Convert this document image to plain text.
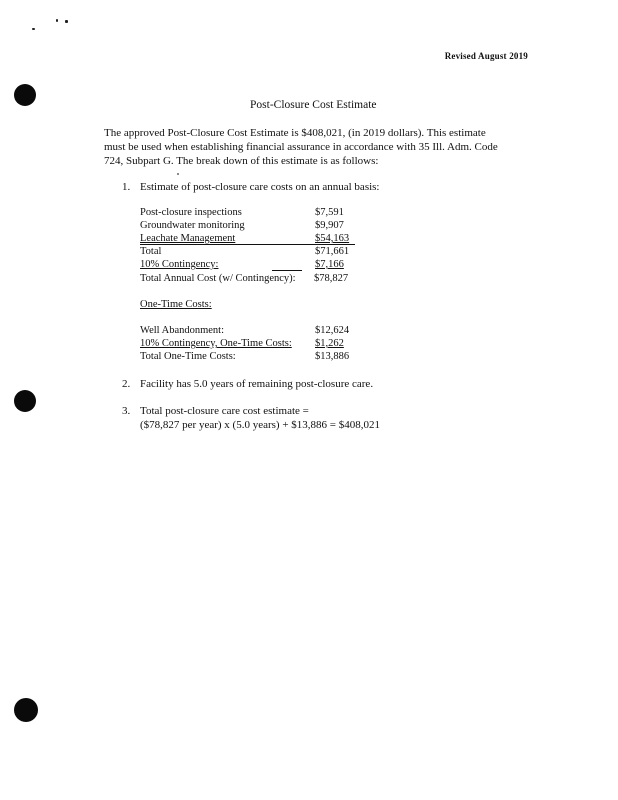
Revised August 2019
Post-Closure Cost Estimate
The approved Post-Closure Cost Estimate is $408,021, (in 2019 dollars). This estimate
must be used when establishing financial assurance in accordance with 35 Ill. Adm. Code
724, Subpart G. The break down of this estimate is as follows:
1. Estimate of post-closure care costs on an annual basis:
Post-closure inspections	$7,591
Groundwater monitoring	$9,907
Leachate Management	$54,163
Total	$71,661
10% Contingency:	$7,166
Total Annual Cost (w/ Contingency): $78,827
One-Time Costs:
Well Abandonment:	$12,624
10% Contingency, One-Time Costs: $1,262
Total One-Time Costs:	$13,886
2. Facility has 5.0 years of remaining post-closure care.
3. Total post-closure care cost estimate =
($78,827 per year) x (5.0 years) + $13,886 = $408,021
